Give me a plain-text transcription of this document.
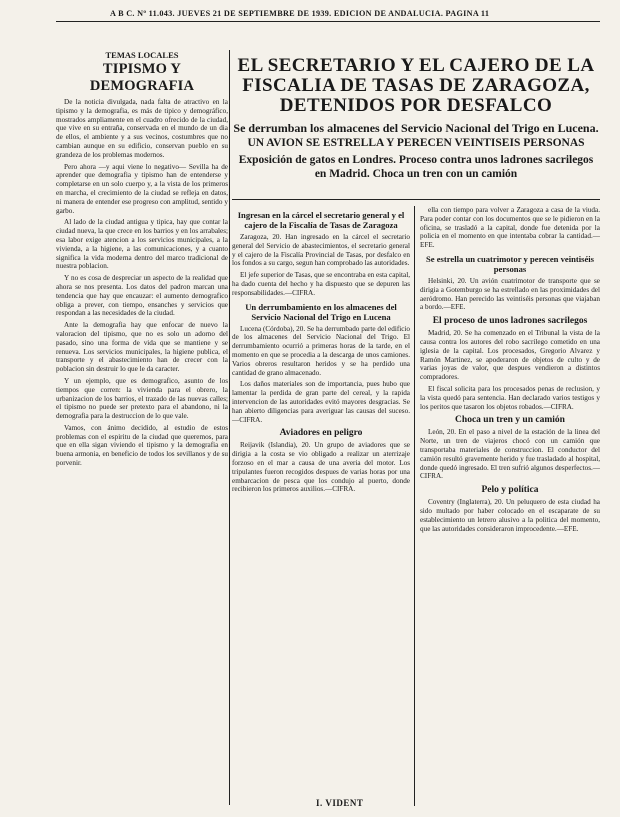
A B C. Nº 11.043. JUEVES 21 DE SEPTIEMBRE DE 1939. EDICION DE ANDALUCIA. PAGINA 11
TEMAS LOCALES
TIPISMO Y DEMOGRAFIA

De la noticia divulgada, nada falta de atractivo en la tipismo y la demografia, es más de tipico y demográfico, mostrados ampliamente en el cuadro ofrecido de la ciudad, que vive en su entraña, conservada en el mundo de un dia de ellos, el ambiente y a sus vecinos, costumbres que no cambian aunque en su edificio, conservan pueblo en su grandeza de los problemas modernos.

Pero ahora —y aqui viene lo negativo— Sevilla ha de aprender que demografia y tipismo han de entenderse y completarse en un solo cuerpo y, a la vista de los primeros en marcha, el crecimiento de la ciudad se refleja en datos, ni manera de entender ese progreso con amplitud, sentido y garbo.

Al lado de la ciudad antigua y tipica, hay que contar la ciudad nueva, la que crece en los barrios y en los arrabales; esa labor exige atencion a los servicios municipales, a la vivienda, a la higiene, a las comunicaciones, y a cuanto significa la vida moderna dentro del marco tradicional de nuestra poblacion.

Y no es cosa de despreciar un aspecto de la realidad que ahora se nos presenta. Los datos del padron marcan una tendencia que hay que encauzar: el aumento demografico obliga a prever, con tiempo, ensanches y servicios que respondan a las necesidades de la ciudad.

Ante la demografia hay que enfocar de nuevo la valoracion del tipismo, que no es solo un adorno del pasado, sino una forma de vida que se mantiene y se renueva. Los servicios municipales, la higiene publica, el transporte y el abastecimiento han de crecer con la poblacion sin destruir lo que le da caracter.

Y un ejemplo, que es demografico, asunto de los tiempos que corren: la vivienda para el obrero, la urbanizacion de los barrios, el trazado de las nuevas calles; el tipismo no puede ser pretexto para el abandono, ni la demografia para la destruccion de lo que vale.

Vamos, con ánimo decidido, al estudio de estos problemas con el espiritu de la ciudad que queremos, para que en ella sigan viviendo el tipismo y la demografia en buena armonia, en beneficio de todos los sevillanos y de su porvenir.

EL SECRETARIO Y EL CAJERO DE LA FISCALIA DE TASAS DE ZARAGOZA, DETENIDOS POR DESFALCO
Se derrumban los almacenes del Servicio Nacional del Trigo en Lucena.
UN AVION SE ESTRELLA Y PERECEN VEINTISEIS PERSONAS
Exposición de gatos en Londres. Proceso contra unos ladrones sacrilegos en Madrid. Choca un tren con un camión
Ingresan en la cárcel el secretario general y el cajero de la Fiscalía de Tasas de Zaragoza

Zaragoza, 20. Han ingresado en la cárcel el secretario general del Servicio de abastecimientos, el secretario general y el cajero de la Fiscalía Provincial de Tasas, por desfalco en los fondos a su cargo, segun han comprobado las autoridades.

El jefe superior de Tasas, que se encontraba en esta capital, ha dado cuenta del hecho y ha dispuesto que se depuren las responsabilidades.—CIFRA.

Un derrumbamiento en los almacenes del Servicio Nacional del Trigo en Lucena

Lucena (Córdoba), 20. Se ha derrumbado parte del edificio de los almacenes del Servicio Nacional del Trigo. El derrumbamiento ocurrió a primeras horas de la tarde, en el momento en que se procedia a la descarga de unos camiones. Varios obreros resultaron heridos y se ha perdido una cantidad de grano almacenado.

Los daños materiales son de importancia, pues hubo que lamentar la perdida de gran parte del cereal, y la rapida intervencion de las autoridades evitó mayores desgracias. Se han abierto diligencias para averiguar las causas del suceso.—CIFRA.

Aviadores en peligro

Reijavik (Islandia), 20. Un grupo de aviadores que se dirigia a la costa se vio obligado a realizar un aterrizaje forzoso en el mar a causa de una averia del motor. Los tripulantes fueron recogidos despues de varias horas por una embarcacion de pesca que los condujo al puerto, donde recibieron los primeros auxilios.—CIFRA.

ella con tiempo para volver a Zaragoza a casa de la viuda. Para poder contar con los documentos que se le pidieron en la oficina, se trasladó a la capital, donde fue detenida por la policia en el momento en que intentaba cobrar la cantidad.—EFE.

Se estrella un cuatrimotor y perecen veintiséis personas

Helsinki, 20. Un avión cuatrimotor de transporte que se dirigia a Gotemburgo se ha estrellado en las proximidades del aeródromo. Han perecido las veintiséis personas que viajaban a bordo.—EFE.

El proceso de unos ladrones sacrilegos

Madrid, 20. Se ha comenzado en el Tribunal la vista de la causa contra los autores del robo sacrilego cometido en una iglesia de la capital. Los procesados, Gregorio Alvarez y Ramón Martinez, se apoderaron de objetos de culto y de varias joyas de valor, que despues vendieron a distintos compradores.

El fiscal solicita para los procesados penas de reclusion, y la vista quedó para sentencia. Han declarado varios testigos y los peritos que tasaron los objetos robados.—CIFRA.

Choca un tren y un camión

León, 20. En el paso a nivel de la estación de la linea del Norte, un tren de viajeros chocó con un camión que transportaba materiales de construccion. El conductor del camión resultó gravemente herido y fue trasladado al hospital, donde quedó ingresado. El tren sufrió algunos desperfectos.—CIFRA.

Pelo y política

Coventry (Inglaterra), 20. Un peluquero de esta ciudad ha sido multado por haber colocado en el escaparate de su establecimiento un letrero alusivo a la politica del momento, que las autoridades consideraron improcedente.—EFE.

I. VIDENT
